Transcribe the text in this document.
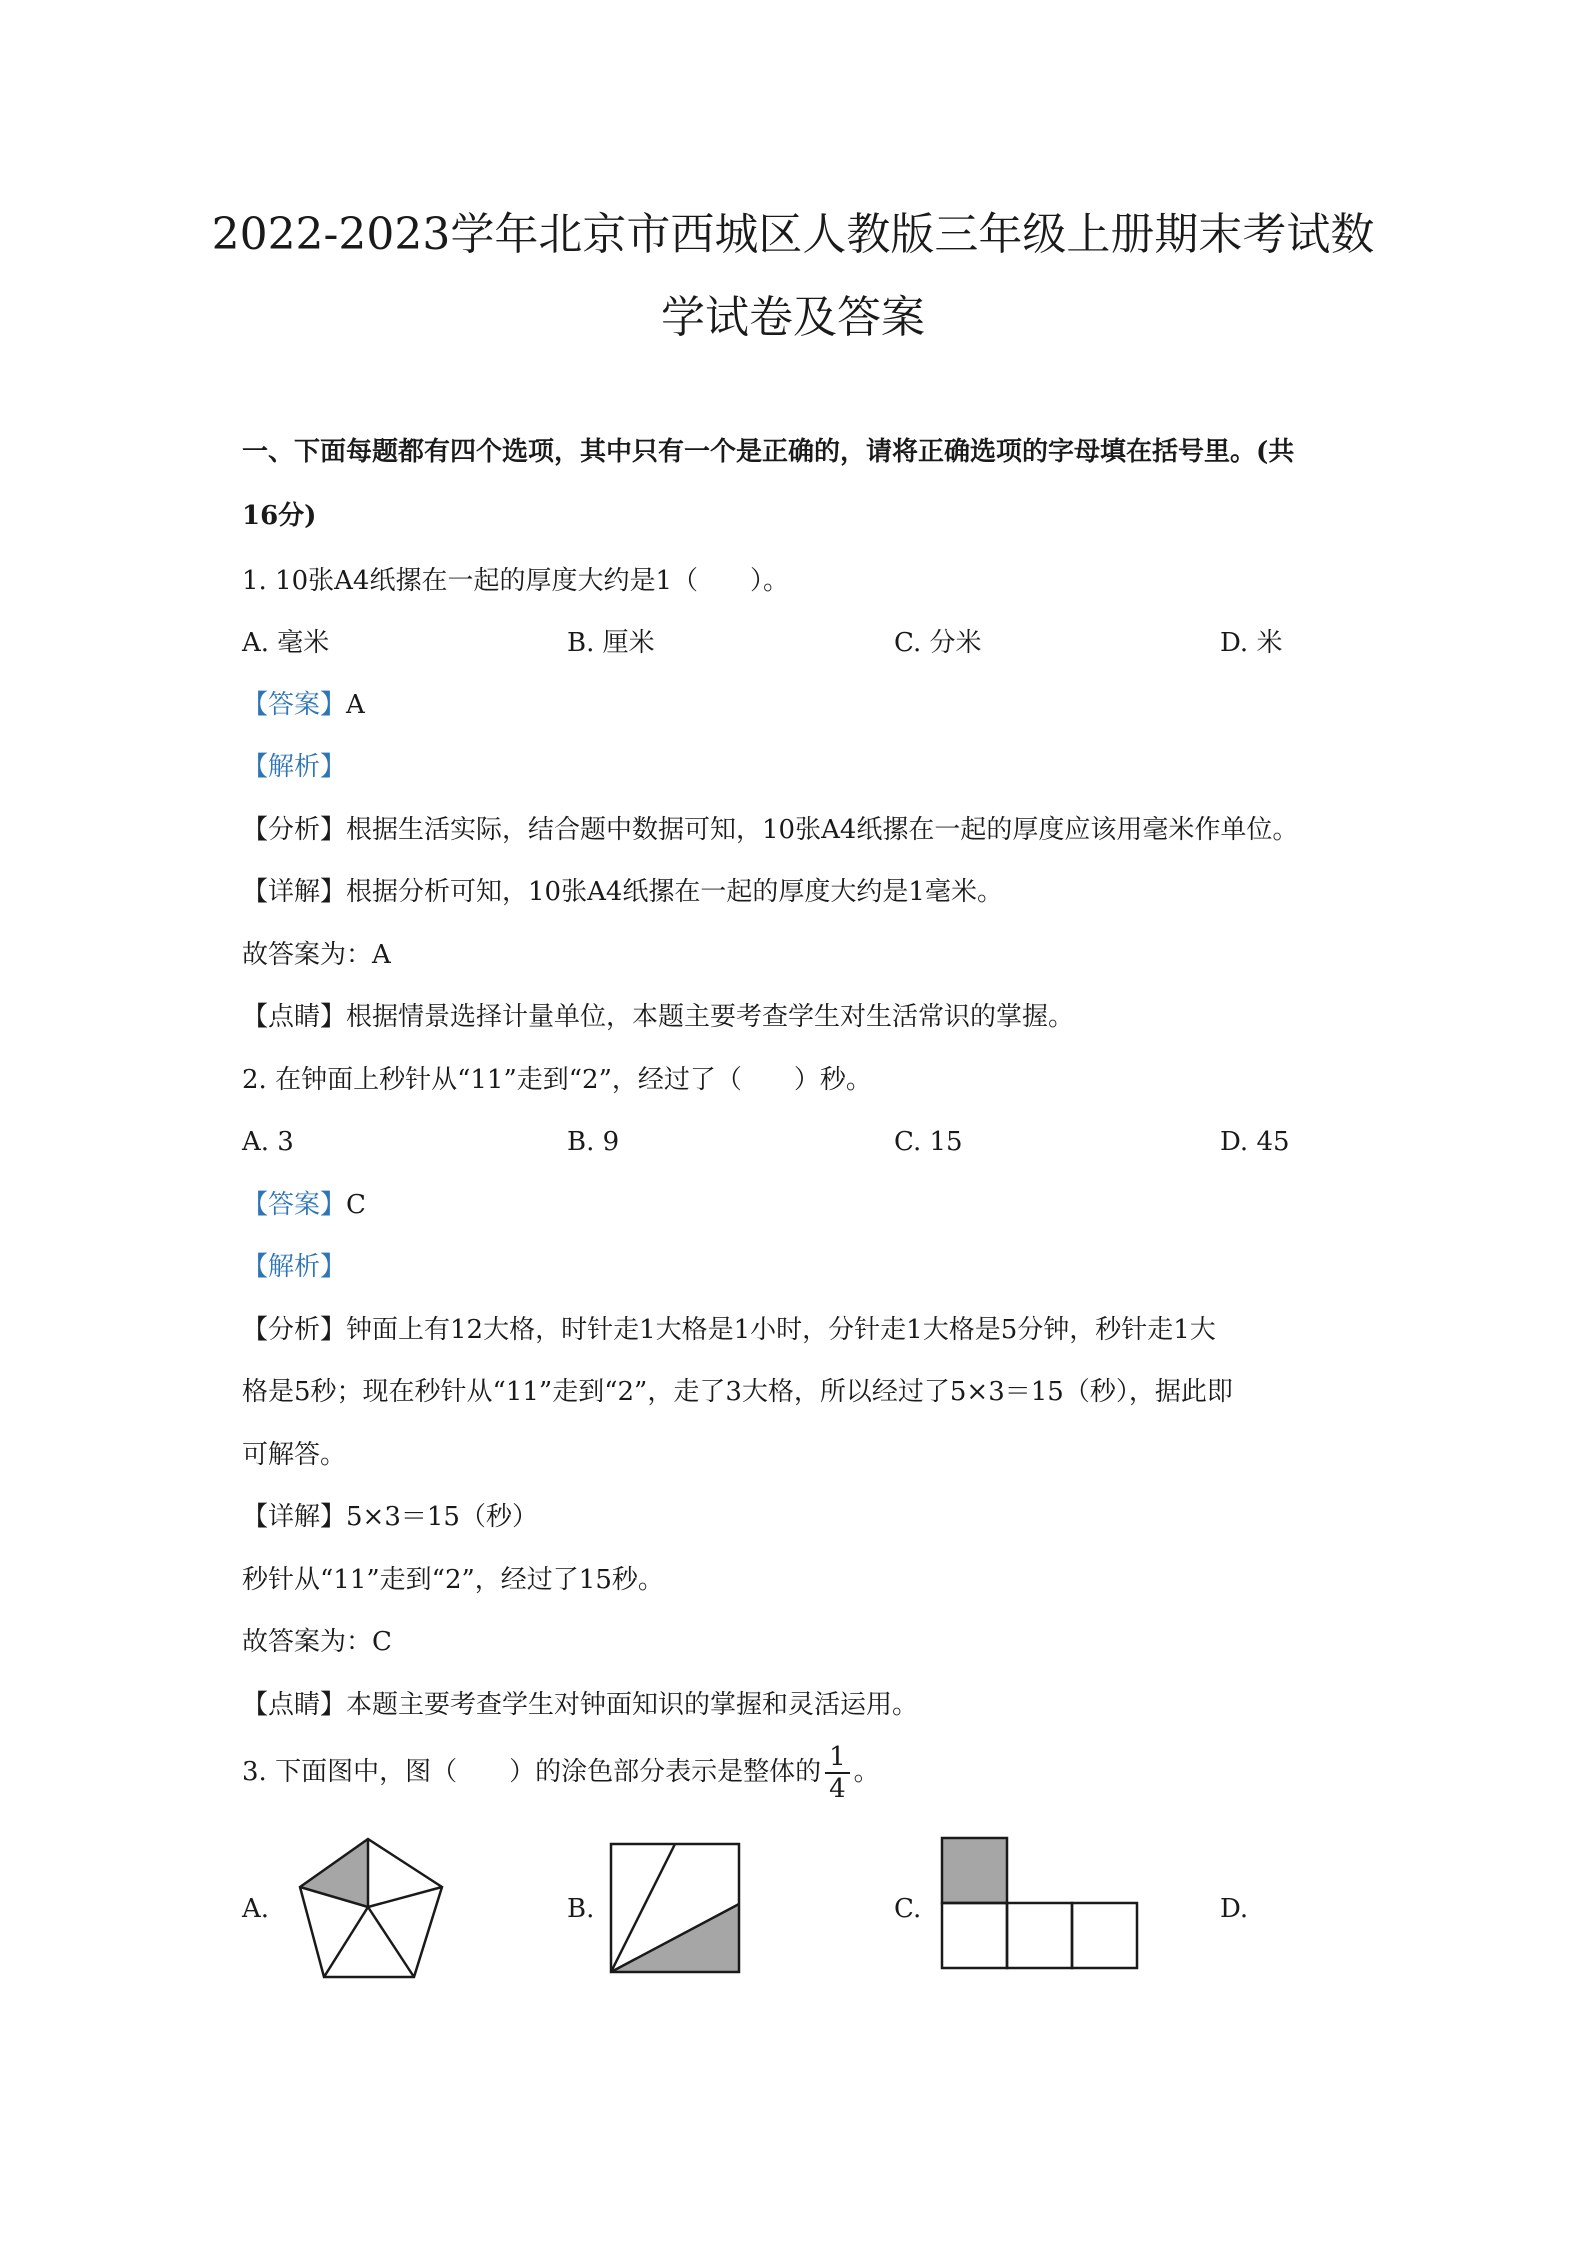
2022-2023学年北京市西城区人教版三年级上册期末考试数
学试卷及答案
一、下面每题都有四个选项，其中只有一个是正确的，请将正确选项的字母填在括号里。(共
16分)
1. 10张A4纸摞在一起的厚度大约是1（　　）。
A. 毫米	B. 厘米	C. 分米	D. 米
【答案】A
【解析】
【分析】根据生活实际，结合题中数据可知，10张A4纸摞在一起的厚度应该用毫米作单位。
【详解】根据分析可知，10张A4纸摞在一起的厚度大约是1毫米。
故答案为：A
【点睛】根据情景选择计量单位，本题主要考查学生对生活常识的掌握。
2. 在钟面上秒针从“11”走到“2”，经过了（　　）秒。
A. 3	B. 9	C. 15	D. 45
【答案】C
【解析】
【分析】钟面上有12大格，时针走1大格是1小时，分针走1大格是5分钟，秒针走1大
格是5秒；现在秒针从“11”走到“2”，走了3大格，所以经过了5×3＝15（秒），据此即
可解答。
【详解】5×3＝15（秒）
秒针从“11”走到“2”，经过了15秒。
故答案为：C
【点睛】本题主要考查学生对钟面知识的掌握和灵活运用。
3. 下面图中，图（　　）的涂色部分表示是整体的 $\frac{1}{4}$ 。
A.	B.	C.	D.
